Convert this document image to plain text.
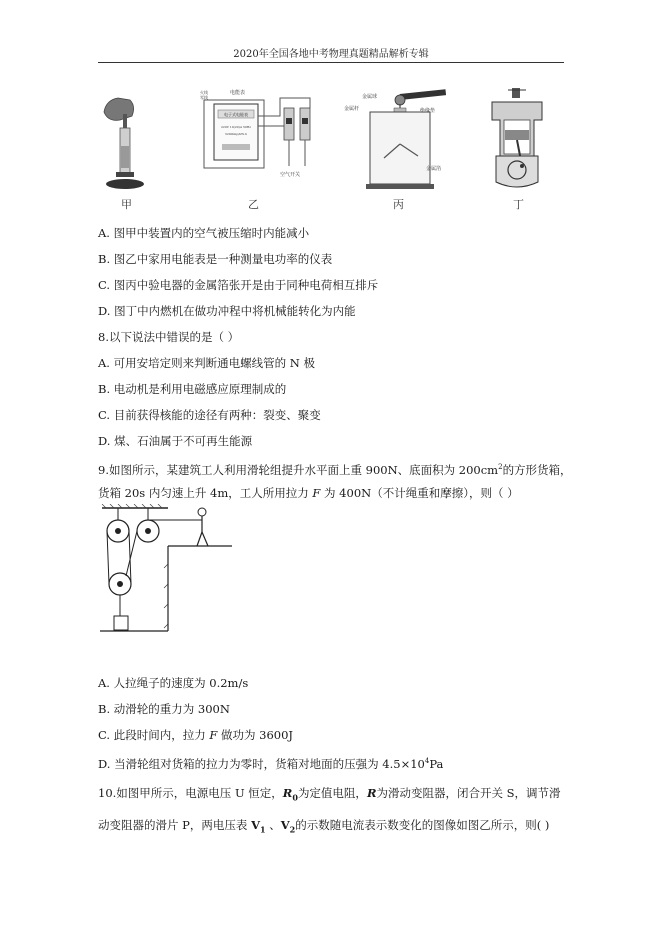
2020年全国各地中考物理真题精品解析专辑
甲
电子式电能表
220V 10(20)A 50Hz
3200imp/kW·h
电能表
火线
零线
空气开关
乙
金属球
金属杆	绝缘垫
金属箔
丙	丁
A. 图甲中装置内的空气被压缩时内能减小
B. 图乙中家用电能表是一种测量电功率的仪表
C. 图丙中验电器的金属箔张开是由于同种电荷相互排斥
D. 图丁中内燃机在做功冲程中将机械能转化为内能
8.以下说法中错误的是（ ）
A. 可用安培定则来判断通电螺线管的 N 极
B. 电动机是利用电磁感应原理制成的
C. 目前获得核能的途径有两种：裂变、聚变
D. 煤、石油属于不可再生能源
9.如图所示，某建筑工人利用滑轮组提升水平面上重 900N、底面积为 $200cm^2$的方形货箱，
货箱 20s 内匀速上升 4m，工人所用拉力 F 为 400N（不计绳重和摩擦），则（ ）
A. 人拉绳子的速度为 0.2m/s
B. 动滑轮的重力为 300N
C. 此段时间内，拉力 F 做功为 3600J
D. 当滑轮组对货箱的拉力为零时，货箱对地面的压强为 $4.5\times 10^4Pa$
10.如图甲所示，电源电压 U 恒定，$R_0$为定值电阻，R为滑动变阻器，闭合开关 S，调节滑
动变阻器的滑片 P，两电压表 $V_1$ 、$V_2$的示数随电流表示数变化的图像如图乙所示，则( )
